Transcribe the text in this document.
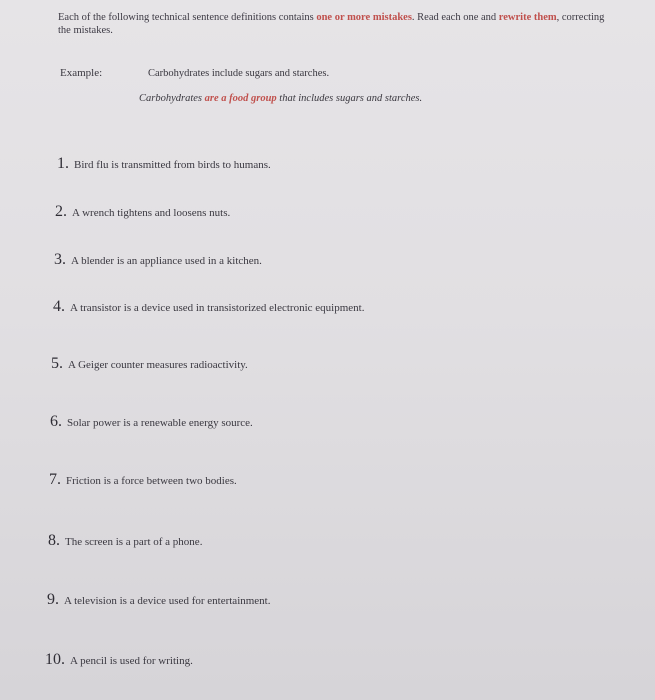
Each of the following technical sentence definitions contains one or more mistakes. Read each one and rewrite them, correcting the mistakes.
Example:	Carbohydrates include sugars and starches.
Carbohydrates are a food group that includes sugars and starches.
1. Bird flu is transmitted from birds to humans.
2. A wrench tightens and loosens nuts.
3. A blender is an appliance used in a kitchen.
4. A transistor is a device used in transistorized electronic equipment.
5. A Geiger counter measures radioactivity.
6. Solar power is a renewable energy source.
7. Friction is a force between two bodies.
8. The screen is a part of a phone.
9. A television is a device used for entertainment.
10. A pencil is used for writing.
